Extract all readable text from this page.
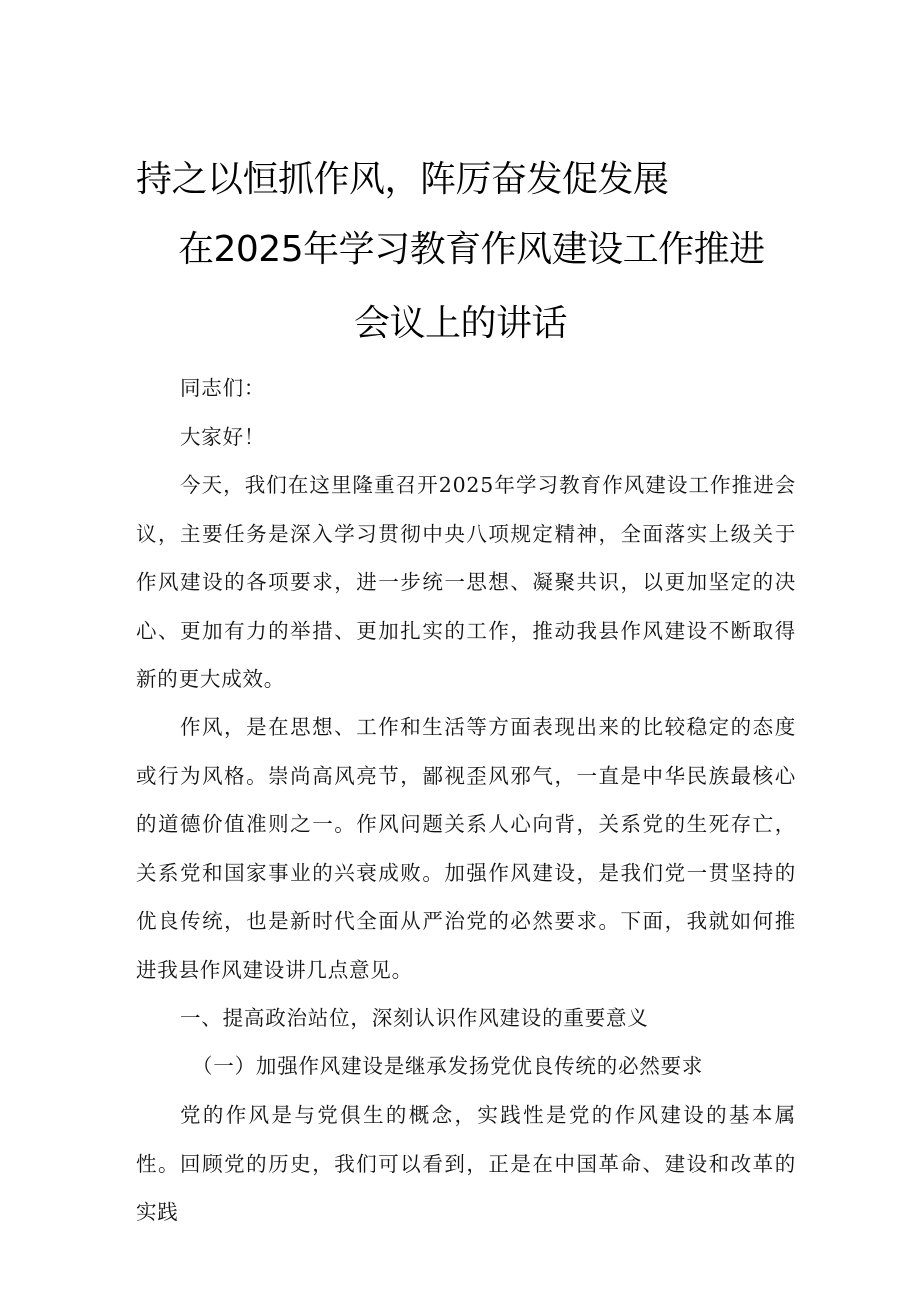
持之以恒抓作风，阵厉奋发促发展
在2025年学习教育作风建设工作推进
会议上的讲话

同志们：

大家好！

今天，我们在这里隆重召开2025年学习教育作风建设工作推进会议，主要任务是深入学习贯彻中央八项规定精神，全面落实上级关于作风建设的各项要求，进一步统一思想、凝聚共识，以更加坚定的决心、更加有力的举措、更加扎实的工作，推动我县作风建设不断取得新的更大成效。

作风，是在思想、工作和生活等方面表现出来的比较稳定的态度或行为风格。崇尚高风亮节，鄙视歪风邪气，一直是中华民族最核心的道德价值准则之一。作风问题关系人心向背，关系党的生死存亡，关系党和国家事业的兴衰成败。加强作风建设，是我们党一贯坚持的优良传统，也是新时代全面从严治党的必然要求。下面，我就如何推进我县作风建设讲几点意见。

一、提高政治站位，深刻认识作风建设的重要意义

（一）加强作风建设是继承发扬党优良传统的必然要求

党的作风是与党俱生的概念，实践性是党的作风建设的基本属性。回顾党的历史，我们可以看到，正是在中国革命、建设和改革的实践
